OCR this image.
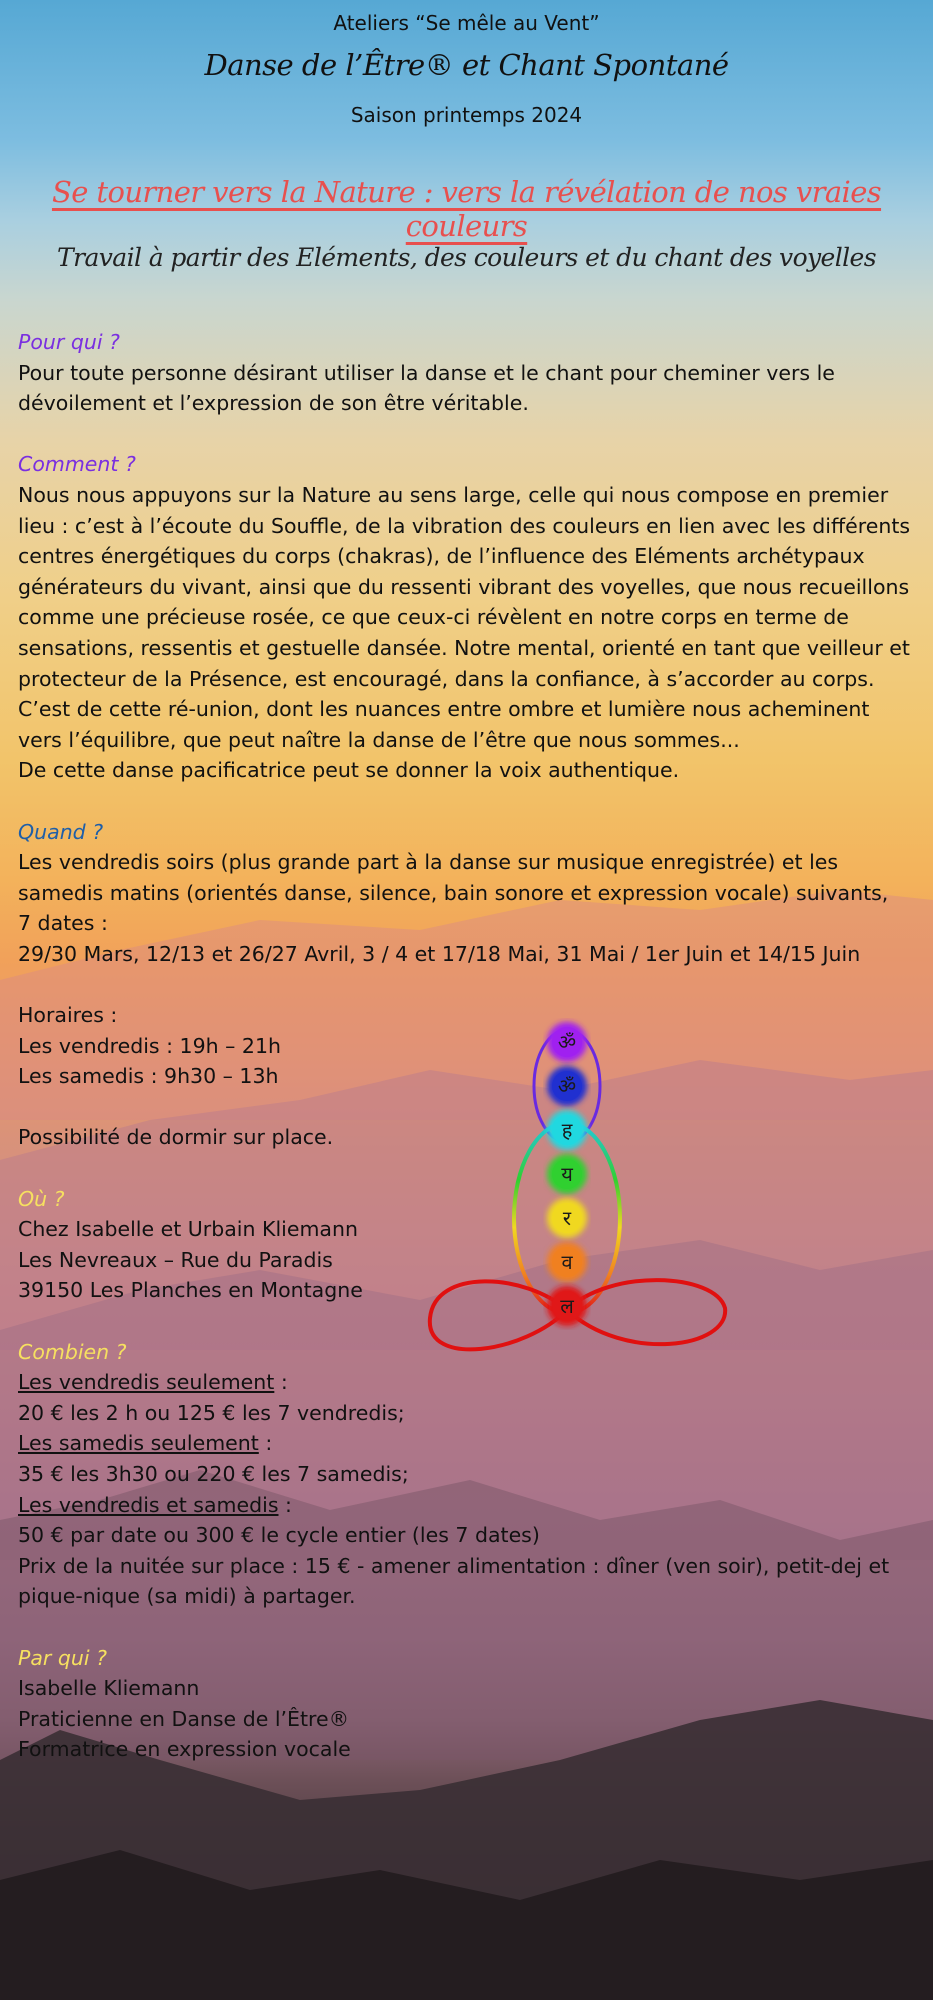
Ateliers “Se mêle au Vent”
Danse de l’Être® et Chant Spontané
Saison printemps 2024
Se tourner vers la Nature : vers la révélation de nos vraies couleurs
Travail à partir des Eléments, des couleurs et du chant des voyelles

Pour qui ?

Pour toute personne désirant utiliser la danse et le chant pour cheminer vers le dévoilement et l’expression de son être véritable.

Comment ?

Nous nous appuyons sur la Nature au sens large, celle qui nous compose en premier lieu : c’est à l’écoute du Souffle, de la vibration des couleurs en lien avec les différents centres énergétiques du corps (chakras), de l’influence des Eléments archétypaux générateurs du vivant, ainsi que du ressenti vibrant des voyelles, que nous recueillons comme une précieuse rosée, ce que ceux-ci révèlent en notre corps en terme de sensations, ressentis et gestuelle dansée. Notre mental, orienté en tant que veilleur et protecteur de la Présence, est encouragé, dans la confiance, à s’accorder au corps. C’est de cette ré-union, dont les nuances entre ombre et lumière nous acheminent vers l’équilibre, que peut naître la danse de l’être que nous sommes...

De cette danse pacificatrice peut se donner la voix authentique.

Quand ?

Les vendredis soirs (plus grande part à la danse sur musique enregistrée) et les samedis matins (orientés danse, silence, bain sonore et expression vocale) suivants,

7 dates :

29/30 Mars, 12/13 et 26/27 Avril, 3 / 4 et 17/18 Mai, 31 Mai / 1er Juin et 14/15 Juin

Horaires :

Les vendredis : 19h – 21h

Les samedis : 9h30 – 13h

Possibilité de dormir sur place.

Où ?

Chez Isabelle et Urbain Kliemann

Les Nevreaux – Rue du Paradis

39150 Les Planches en Montagne

Combien ?

Les vendredis seulement :

20 € les 2 h ou 125 € les 7 vendredis;

Les samedis seulement :

35 € les 3h30 ou 220 € les 7 samedis;

Les vendredis et samedis :

50 € par date ou 300 € le cycle entier (les 7 dates)

Prix de la nuitée sur place : 15 € - amener alimentation : dîner (ven soir), petit-dej et pique-nique (sa midi) à partager.

Par qui ?

Isabelle Kliemann

Praticienne en Danse de l’Être®

Formatrice en expression vocale

ॐ
ॐ
ह
य
र
व
ल
